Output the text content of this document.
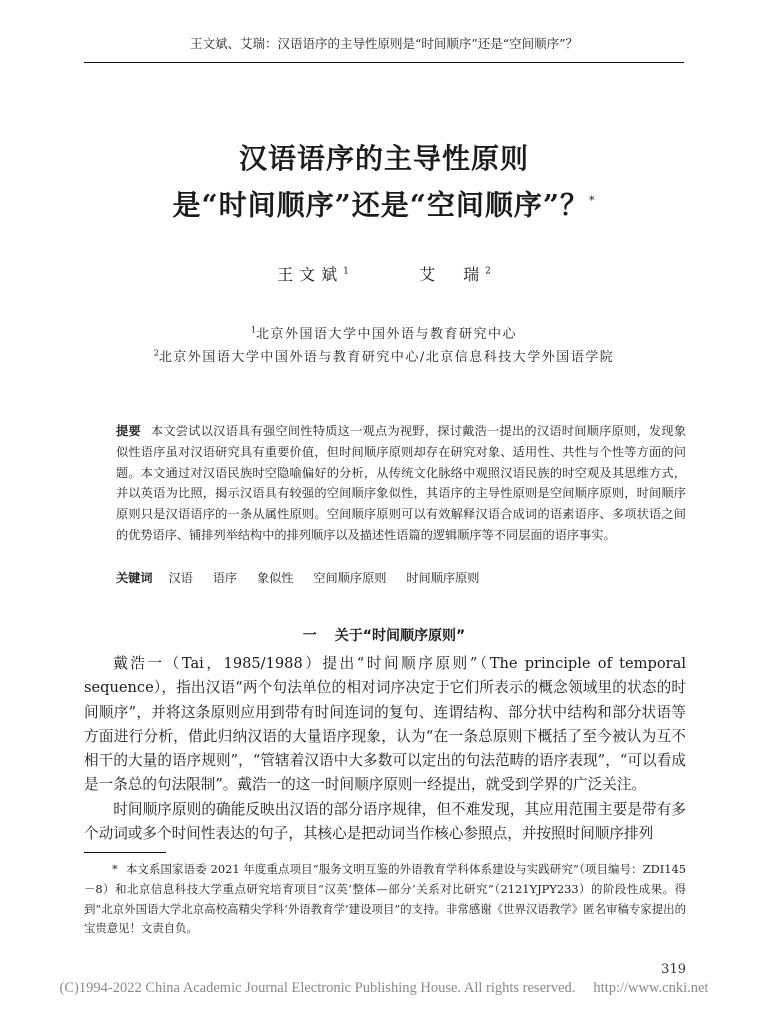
王文斌、艾瑞：汉语语序的主导性原则是“时间顺序”还是“空间顺序”？
汉语语序的主导性原则
是“时间顺序”还是“空间顺序”？*
王文斌$^1$	艾　瑞$^2$
$^1$北京外国语大学中国外语与教育研究中心
$^2$北京外国语大学中国外语与教育研究中心/北京信息科技大学外国语学院
提要 本文尝试以汉语具有强空间性特质这一观点为视野，探讨戴浩一提出的汉语时间顺序原则，发现象似性语序虽对汉语研究具有重要价值，但时间顺序原则却存在研究对象、适用性、共性与个性等方面的问题。本文通过对汉语民族时空隐喻偏好的分析，从传统文化脉络中观照汉语民族的时空观及其思维方式，并以英语为比照，揭示汉语具有较强的空间顺序象似性，其语序的主导性原则是空间顺序原则，时间顺序原则只是汉语语序的一条从属性原则。空间顺序原则可以有效解释汉语合成词的语素语序、多项状语之间的优势语序、铺排列举结构中的排列顺序以及描述性语篇的逻辑顺序等不同层面的语序事实。
关键词 汉语 语序 象似性 空间顺序原则 时间顺序原则
一 关于“时间顺序原则”

戴浩一（Tai，1985/1988）提出“时间顺序原则”（The principle of temporal sequence），指出汉语“两个句法单位的相对词序决定于它们所表示的概念领域里的状态的时间顺序”，并将这条原则应用到带有时间连词的复句、连谓结构、部分状中结构和部分状语等方面进行分析，借此归纳汉语的大量语序现象，认为“在一条总原则下概括了至今被认为互不相干的大量的语序规则”，“管辖着汉语中大多数可以定出的句法范畴的语序表现”，“可以看成是一条总的句法限制”。戴浩一的这一时间顺序原则一经提出，就受到学界的广泛关注。

时间顺序原则的确能反映出汉语的部分语序规律，但不难发现，其应用范围主要是带有多个动词或多个时间性表达的句子，其核心是把动词当作核心参照点，并按照时间顺序排列

* 本文系国家语委 2021 年度重点项目“服务文明互鉴的外语教育学科体系建设与实践研究”（项目编号：ZDI145－8）和北京信息科技大学重点研究培育项目“汉英‘整体—部分’关系对比研究”（2121YJPY233）的阶段性成果。得到“北京外国语大学北京高校高精尖学科‘外语教育学’建设项目”的支持。非常感谢《世界汉语教学》匿名审稿专家提出的宝贵意见！文责自负。
319
(C)1994-2022 China Academic Journal Electronic Publishing House. All rights reserved. http://www.cnki.net
